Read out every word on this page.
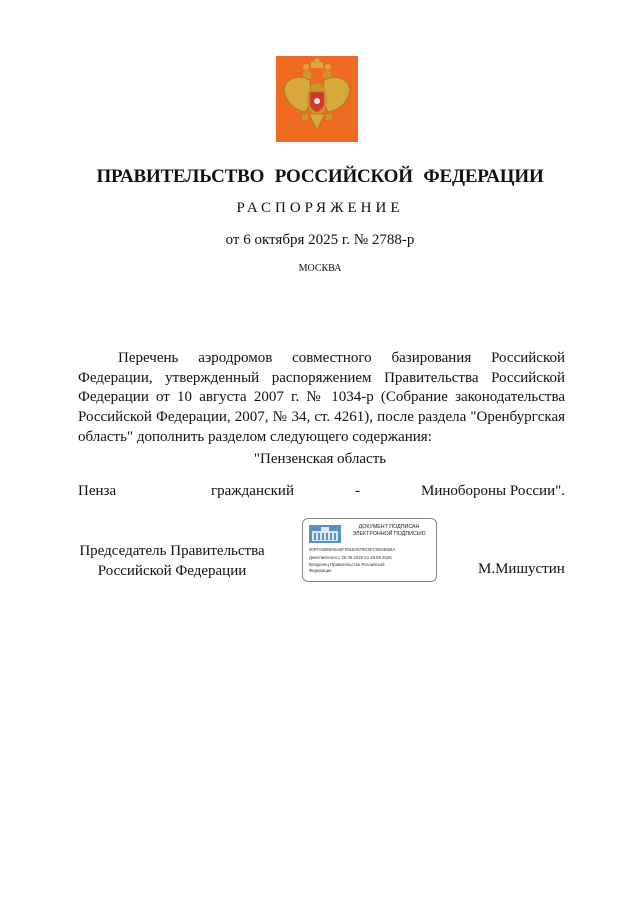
ПРАВИТЕЛЬСТВО РОССИЙСКОЙ ФЕДЕРАЦИИ
РАСПОРЯЖЕНИЕ
от 6 октября 2025 г. № 2788-р
МОСКВА
Перечень аэродромов совместного базирования Российской Федерации, утвержденный распоряжением Правительства Российской Федерации от 10 августа 2007 г. № 1034-р (Собрание законодательства Российской Федерации, 2007, № 34, ст. 4261), после раздела "Оренбургская область" дополнить разделом следующего содержания:
"Пензенская область
Пенза	гражданский	-	Минобороны России".
Председатель Правительства
Российской Федерации
ДОКУМЕНТ ПОДПИСАН
ЭЛЕКТРОННОЙ ПОДПИСЬЮ
00FFA0069A6AEF0915A579C5FC0623565A
Действителен с 26.06.2025 по 19.09.2026
Владелец Правительство Российской
Федерации	М.Мишустин
